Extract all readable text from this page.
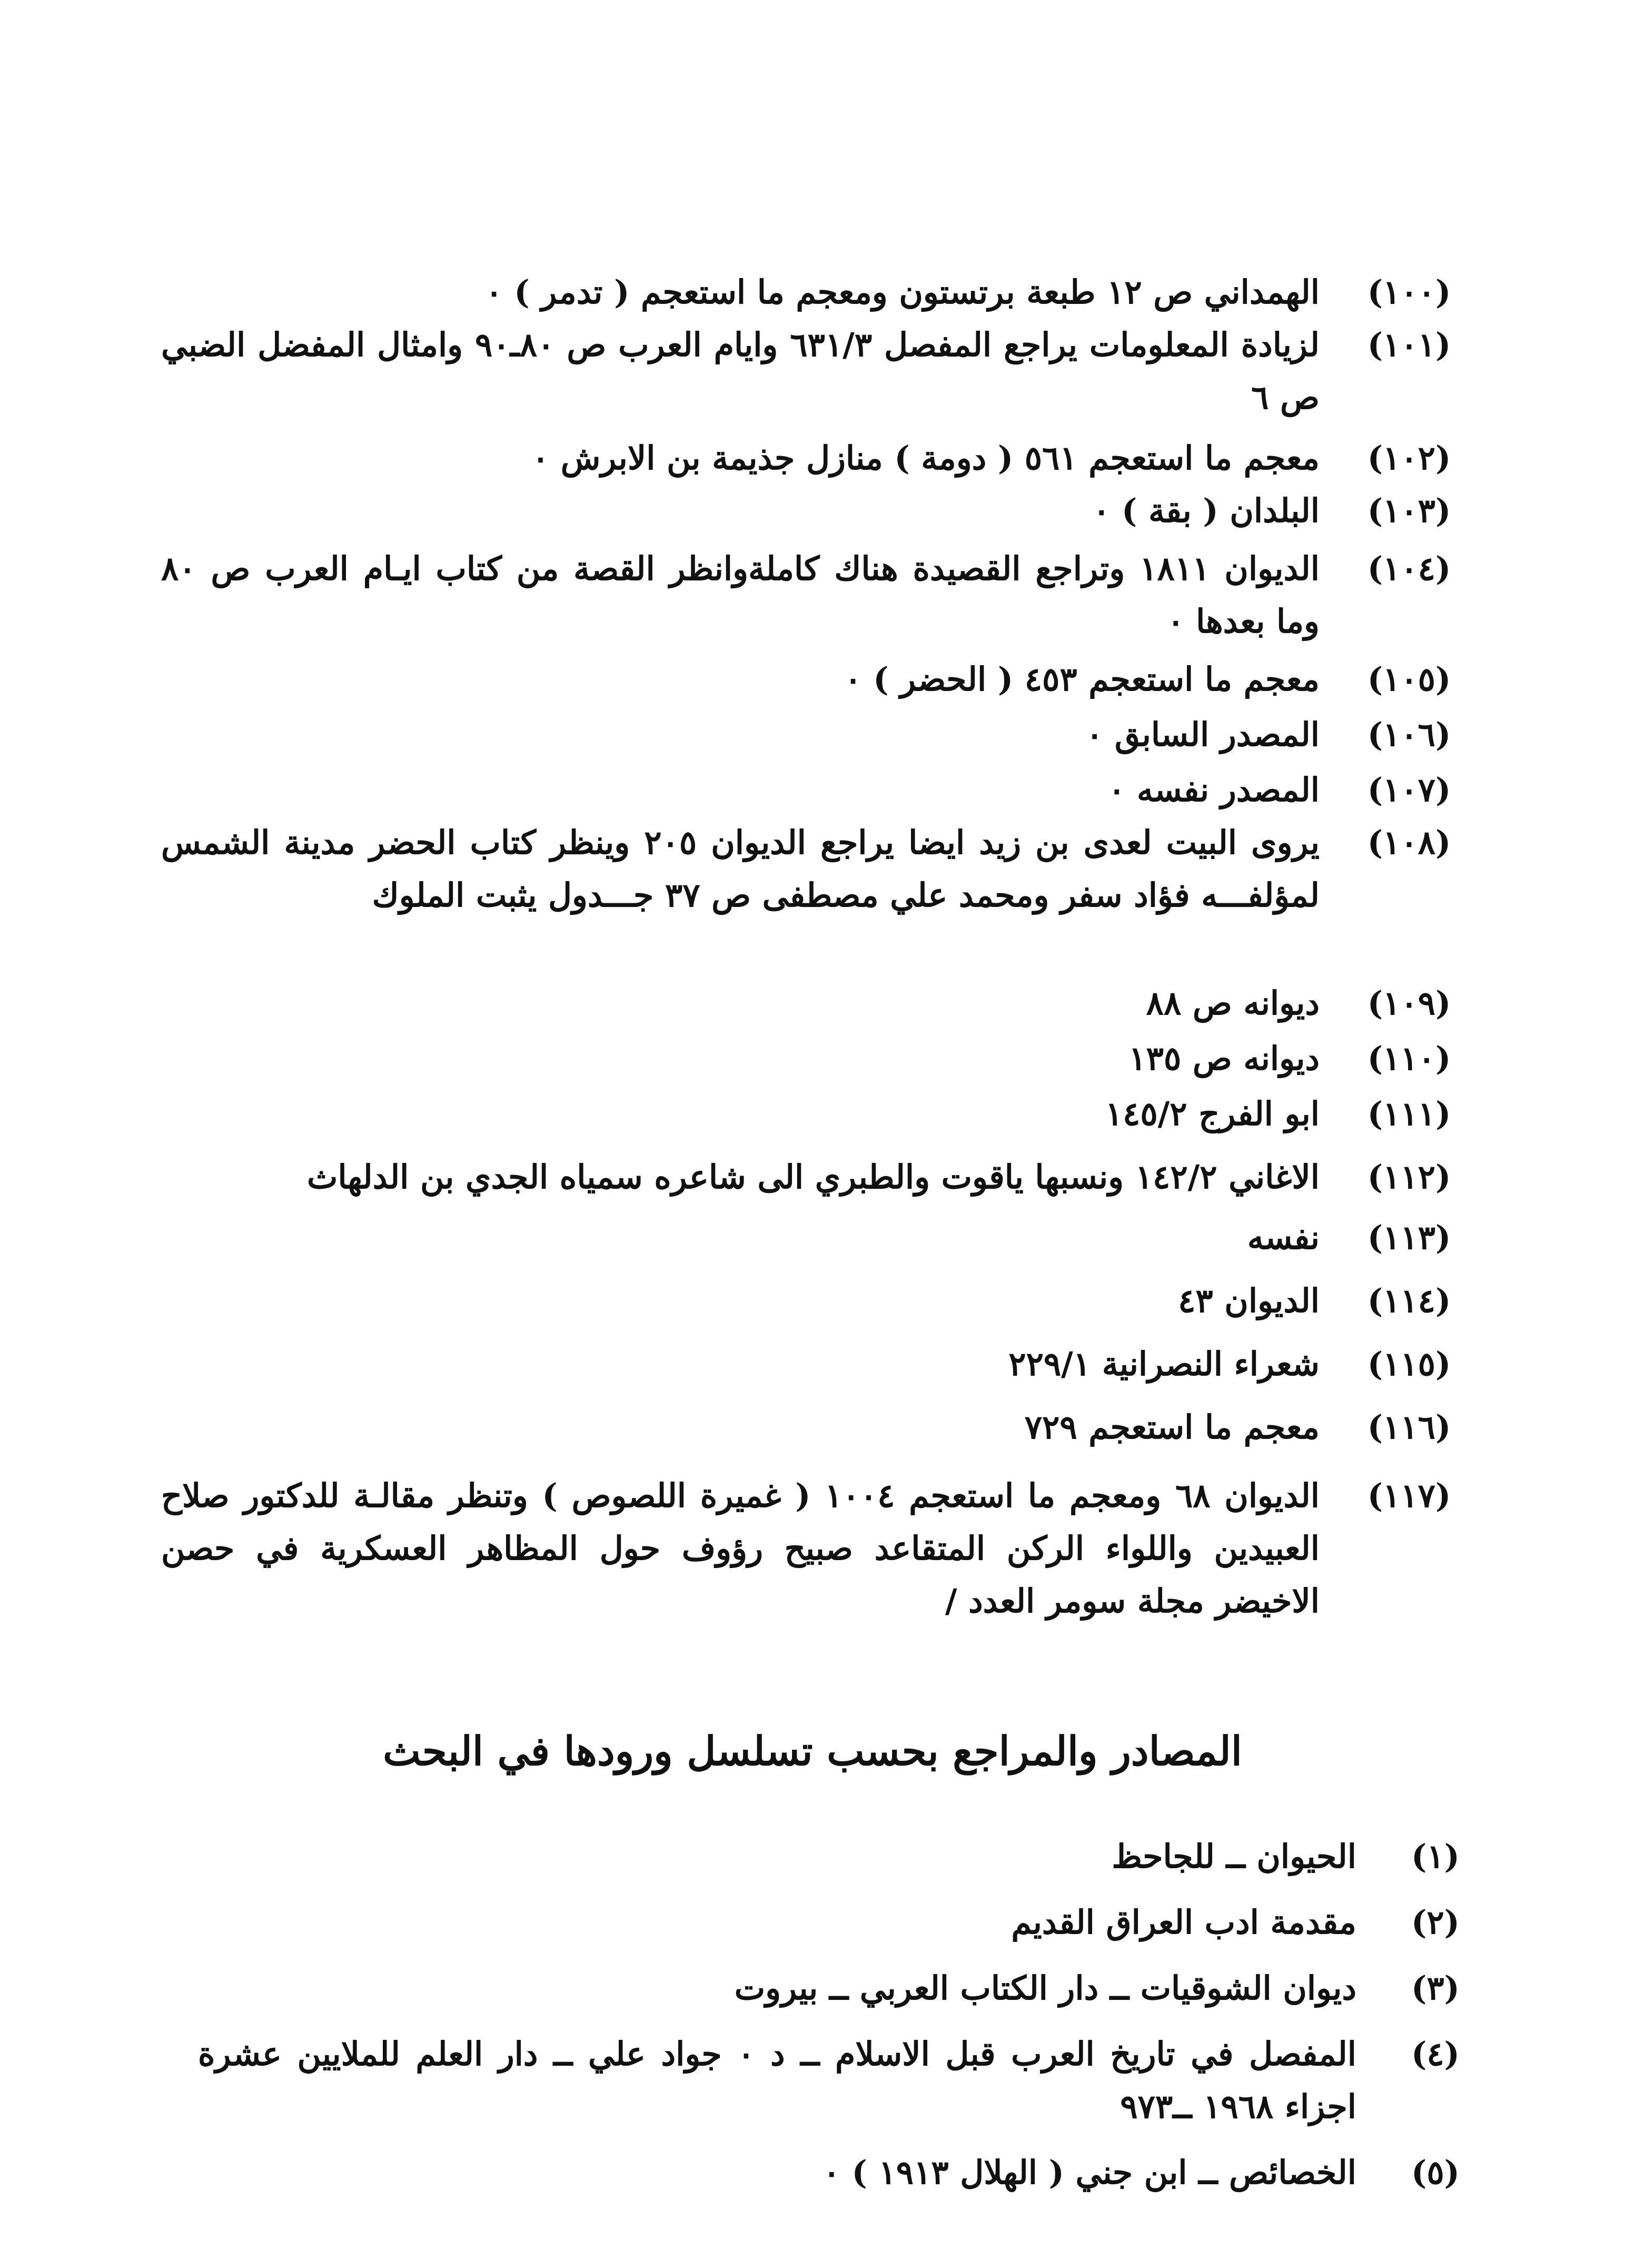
(١٠٠)
الهمداني ص ١٢ طبعة برتستون ومعجم ما استعجم ( تدمر ) ٠
(١٠١)
لزيادة المعلومات يراجع المفصل ٦٣١/٣ وايام العرب ص ٨٠ـ٩٠ وامثال المفضل الضبي ص ٦
(١٠٢)
معجم ما استعجم ٥٦١ ( دومة ) منازل جذيمة بن الابرش ٠
(١٠٣)
البلدان ( بقة ) ٠
(١٠٤)
الديوان ١٨١١ وتراجع القصيدة هناك كاملةوانظر القصة من كتاب ايـام العرب ص ٨٠ وما بعدها ٠
(١٠٥)
معجم ما استعجم ٤٥٣ ( الحضر ) ٠
(١٠٦)
المصدر السابق ٠
(١٠٧)
المصدر نفسه ٠
(١٠٨)
يروى البيت لعدى بن زيد ايضا يراجع الديوان ٢٠٥ وينظر كتاب الحضر مدينة الشمس لمؤلفـــه فؤاد سفر ومحمد علي مصطفى ص ٣٧ جـــدول يثبت الملوك
(١٠٩)
ديوانه ص ٨٨
(١١٠)
ديوانه ص ١٣٥
(١١١)
ابو الفرج ١٤٥/٢
(١١٢)
الاغاني ١٤٢/٢ ونسبها ياقوت والطبري الى شاعره سمياه الجدي بن الدلهاث
(١١٣)
نفسه
(١١٤)
الديوان ٤٣
(١١٥)
شعراء النصرانية ٢٢٩/١
(١١٦)
معجم ما استعجم ٧٢٩
(١١٧)
الديوان ٦٨ ومعجم ما استعجم ١٠٠٤ ( غميرة اللصوص ) وتنظر مقالـة للدكتور صلاح العبيدين واللواء الركن المتقاعد صبيح رؤوف حول المظاهر العسكرية في حصن الاخيضر مجلة سومر العدد /
المصادر والمراجع بحسب تسلسل ورودها في البحث
(١)
الحيوان ــ للجاحظ
(٢)
مقدمة ادب العراق القديم
(٣)
ديوان الشوقيات ــ دار الكتاب العربي ــ بيروت
(٤)
المفصل في تاريخ العرب قبل الاسلام ــ د ٠ جواد علي ــ دار العلم للملايين عشرة اجزاء ١٩٦٨ ــ٩٧٣
(٥)
الخصائص ــ ابن جني ( الهلال ١٩١٣ ) ٠
